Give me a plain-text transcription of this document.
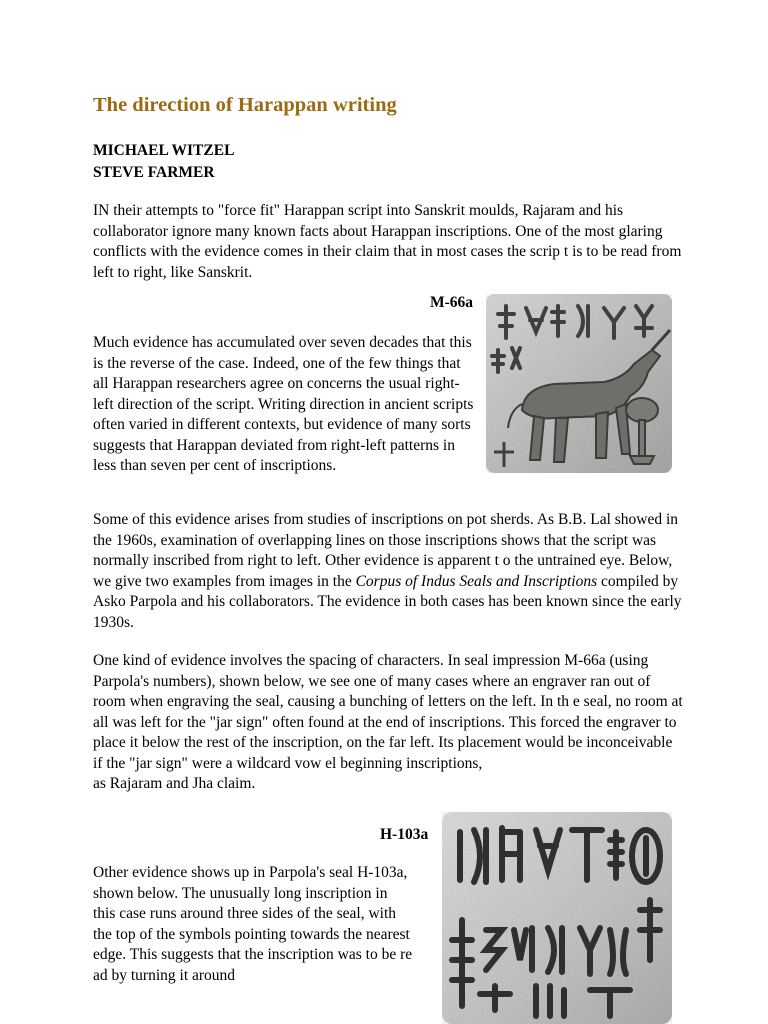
The direction of Harappan writing
MICHAEL WITZEL
STEVE FARMER

IN their attempts to "force fit" Harappan script into Sanskrit moulds, Rajaram and his collaborator ignore many known facts about Harappan inscriptions. One of the most glaring conflicts with the evidence comes in their claim that in most cases the scrip t is to be read from left to right, like Sanskrit.

M-66a

Much evidence has accumulated over seven decades that this is the reverse of the case. Indeed, one of the few things that all Harappan researchers agree on concerns the usual right-left direction of the script. Writing direction in ancient scripts often varied in different contexts, but evidence of many sorts suggests that Harappan deviated from right-left patterns in less than seven per cent of inscriptions.

Some of this evidence arises from studies of inscriptions on pot sherds. As B.B. Lal showed in the 1960s, examination of overlapping lines on those inscriptions shows that the script was normally inscribed from right to left. Other evidence is apparent t o the untrained eye. Below, we give two examples from images in the Corpus of Indus Seals and Inscriptions compiled by Asko Parpola and his collaborators. The evidence in both cases has been known since the early 1930s.

One kind of evidence involves the spacing of characters. In seal impression M-66a (using Parpola's numbers), shown below, we see one of many cases where an engraver ran out of room when engraving the seal, causing a bunching of letters on the left. In th e seal, no room at all was left for the "jar sign" often found at the end of inscriptions. This forced the engraver to place it below the rest of the inscription, on the far left. Its placement would be inconceivable if the "jar sign" were a wildcard vow el beginning inscriptions,
as Rajaram and Jha claim.

H-103a

Other evidence shows up in Parpola's seal H-103a, shown below. The unusually long inscription in this case runs around three sides of the seal, with the top of the symbols pointing towards the nearest edge. This suggests that the inscription was to be re ad by turning it around
